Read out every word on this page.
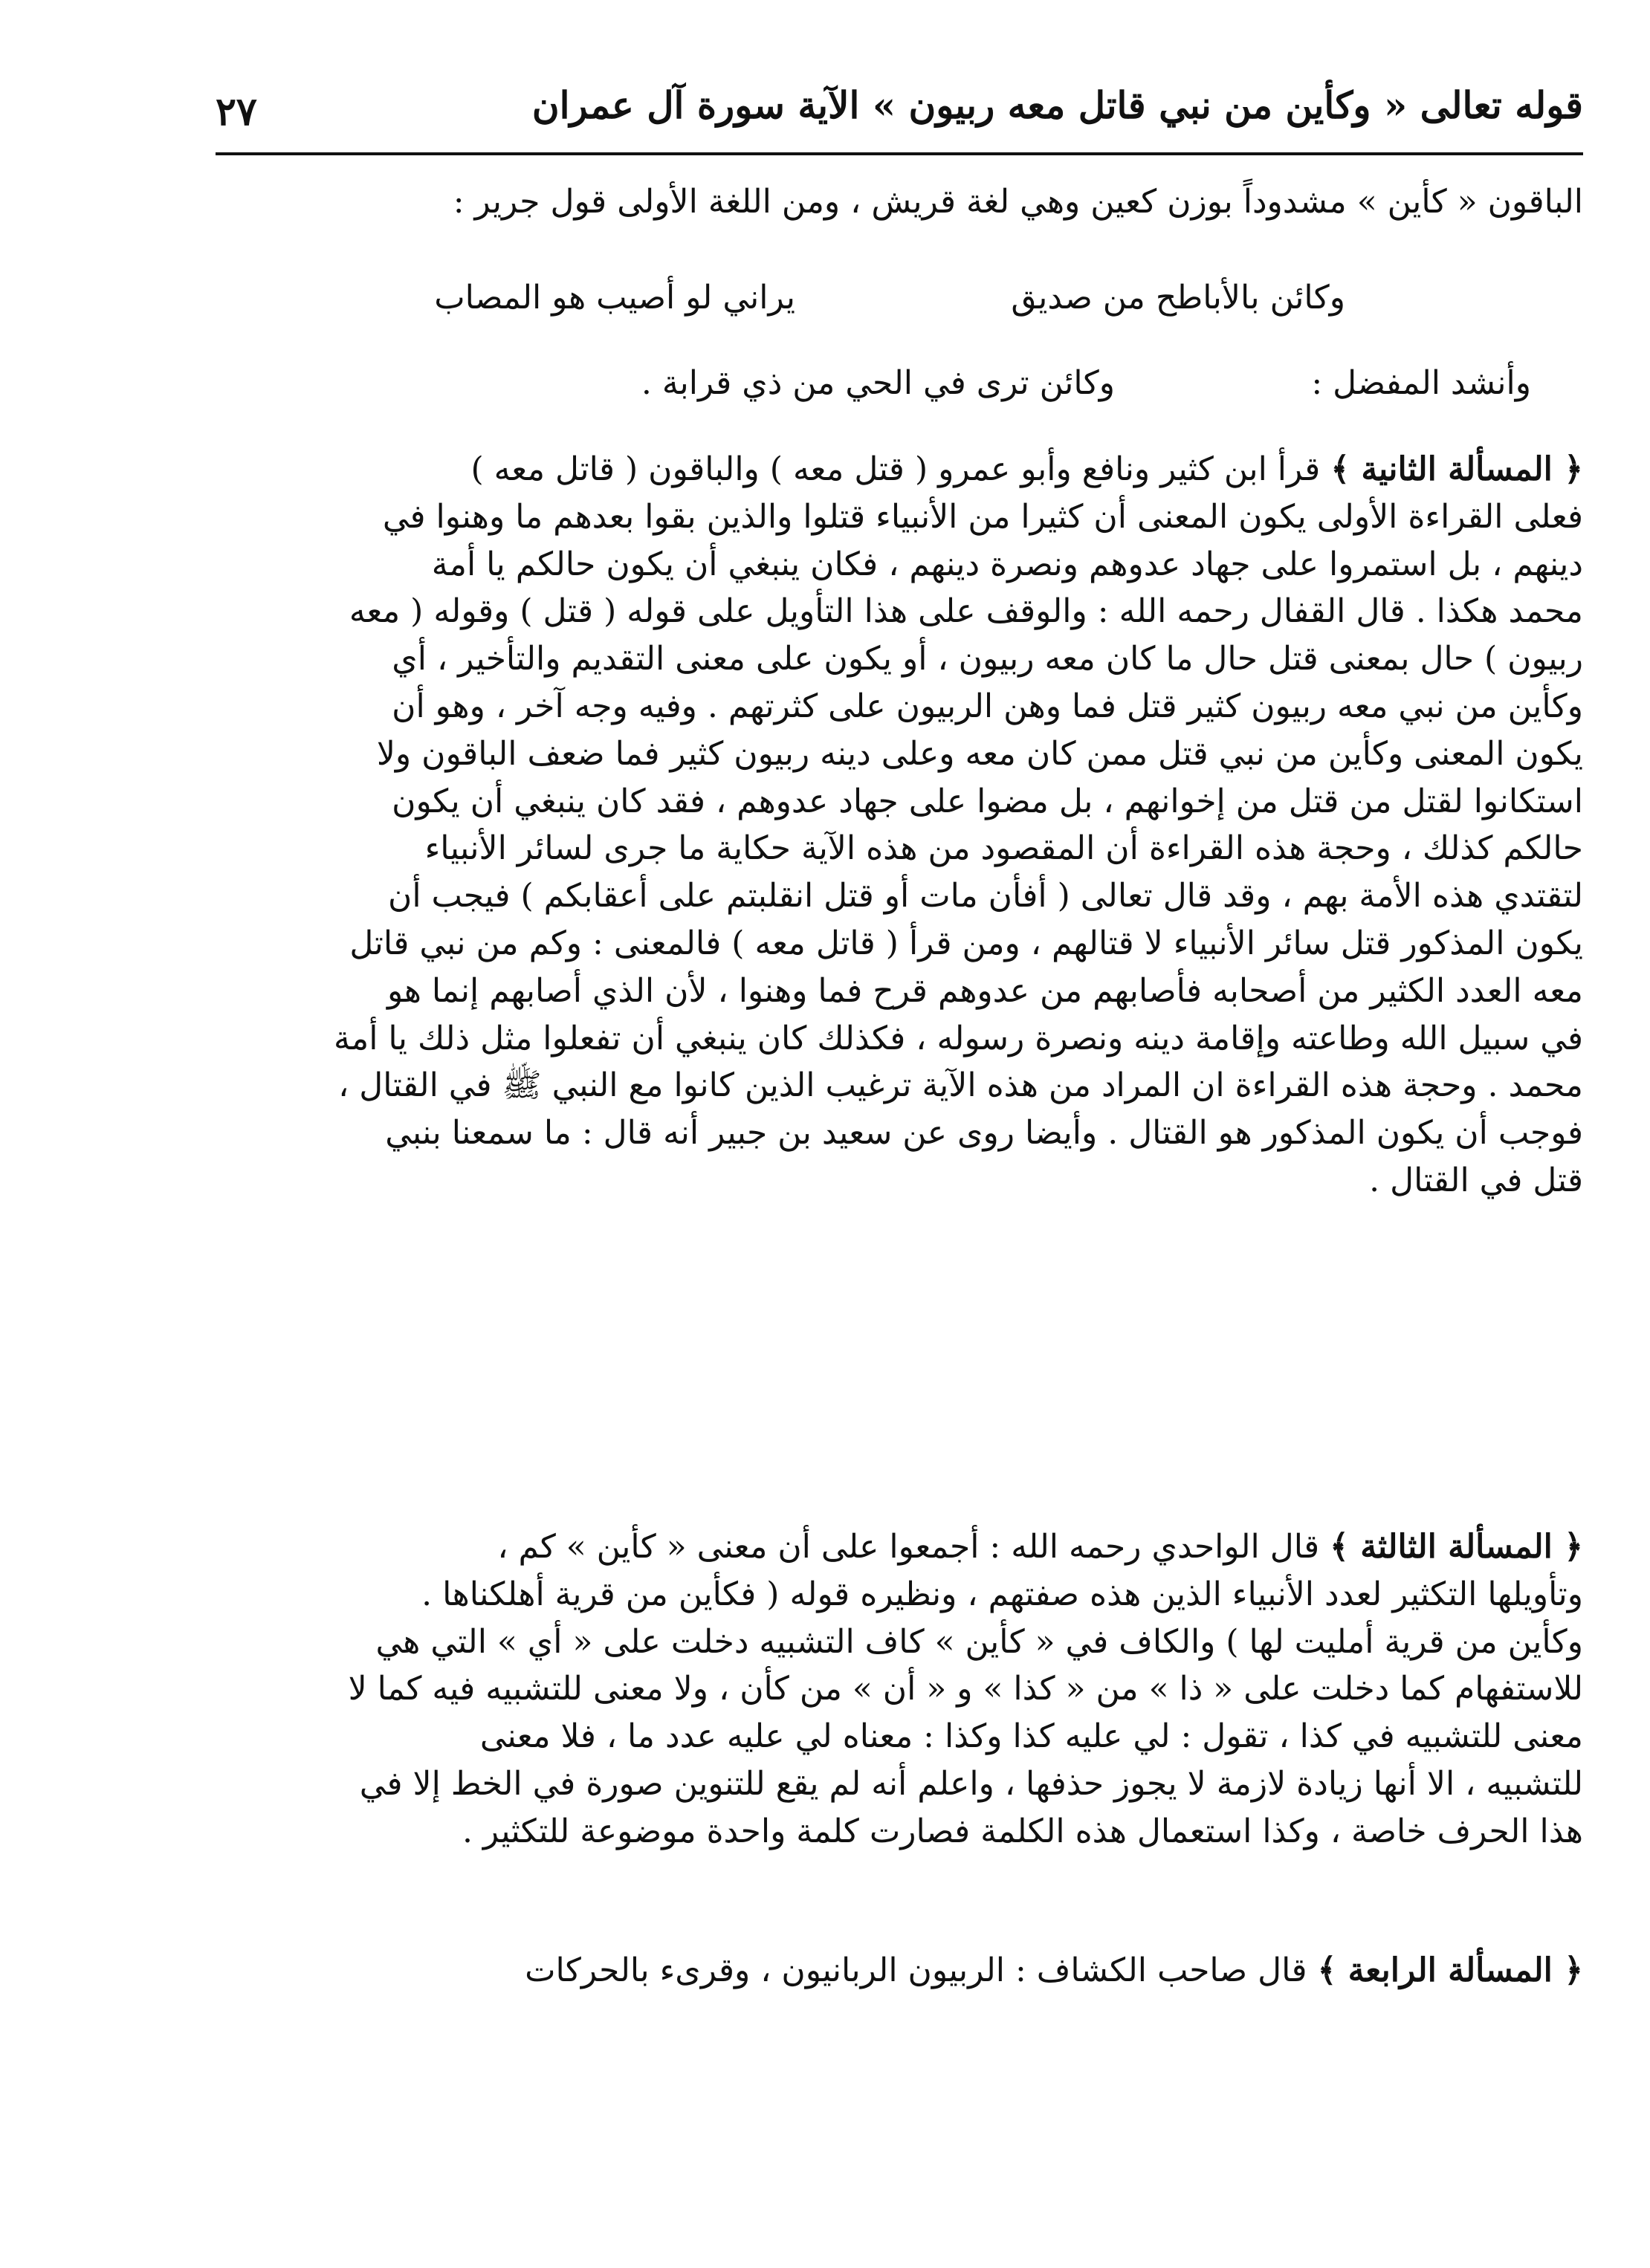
٢٧	قوله تعالى « وكأين من نبي قاتل معه ربيون » الآية سورة آل عمران
الباقون « كأين » مشدوداً بوزن كعين وهي لغة قريش ، ومن اللغة الأولى قول جرير :
وكائن بالأباطح من صديق
يراني لو أصيب هو المصاب
وأنشد المفضل :
وكائن ترى في الحي من ذي قرابة .
﴿ المسألة الثانية ﴾ قرأ ابن كثير ونافع وأبو عمرو ( قتل معه ) والباقون ( قاتل معه )
فعلى القراءة الأولى يكون المعنى أن كثيرا من الأنبياء قتلوا والذين بقوا بعدهم ما وهنوا في
دينهم ، بل استمروا على جهاد عدوهم ونصرة دينهم ، فكان ينبغي أن يكون حالكم يا أمة
محمد هكذا . قال القفال رحمه الله : والوقف على هذا التأويل على قوله ( قتل ) وقوله ( معه
ربيون ) حال بمعنى قتل حال ما كان معه ربيون ، أو يكون على معنى التقديم والتأخير ، أي
وكأين من نبي معه ربيون كثير قتل فما وهن الربيون على كثرتهم . وفيه وجه آخر ، وهو أن
يكون المعنى وكأين من نبي قتل ممن كان معه وعلى دينه ربيون كثير فما ضعف الباقون ولا
استكانوا لقتل من قتل من إخوانهم ، بل مضوا على جهاد عدوهم ، فقد كان ينبغي أن يكون
حالكم كذلك ، وحجة هذه القراءة أن المقصود من هذه الآية حكاية ما جرى لسائر الأنبياء
لتقتدي هذه الأمة بهم ، وقد قال تعالى ( أفأن مات أو قتل انقلبتم على أعقابكم ) فيجب أن
يكون المذكور قتل سائر الأنبياء لا قتالهم ، ومن قرأ ( قاتل معه ) فالمعنى : وكم من نبي قاتل
معه العدد الكثير من أصحابه فأصابهم من عدوهم قرح فما وهنوا ، لأن الذي أصابهم إنما هو
في سبيل الله وطاعته وإقامة دينه ونصرة رسوله ، فكذلك كان ينبغي أن تفعلوا مثل ذلك يا أمة
محمد . وحجة هذه القراءة ان المراد من هذه الآية ترغيب الذين كانوا مع النبي ﷺ في القتال ،
فوجب أن يكون المذكور هو القتال . وأيضا روى عن سعيد بن جبير أنه قال : ما سمعنا بنبي
قتل في القتال .
﴿ المسألة الثالثة ﴾ قال الواحدي رحمه الله : أجمعوا على أن معنى « كأين » كم ،
وتأويلها التكثير لعدد الأنبياء الذين هذه صفتهم ، ونظيره قوله ( فكأين من قرية أهلكناها .
وكأين من قرية أمليت لها ) والكاف في « كأين » كاف التشبيه دخلت على « أي » التي هي
للاستفهام كما دخلت على « ذا » من « كذا » و « أن » من كأن ، ولا معنى للتشبيه فيه كما لا
معنى للتشبيه في كذا ، تقول : لي عليه كذا وكذا : معناه لي عليه عدد ما ، فلا معنى
للتشبيه ، الا أنها زيادة لازمة لا يجوز حذفها ، واعلم أنه لم يقع للتنوين صورة في الخط إلا في
هذا الحرف خاصة ، وكذا استعمال هذه الكلمة فصارت كلمة واحدة موضوعة للتكثير .
﴿ المسألة الرابعة ﴾ قال صاحب الكشاف : الربيون الربانيون ، وقرىء بالحركات
